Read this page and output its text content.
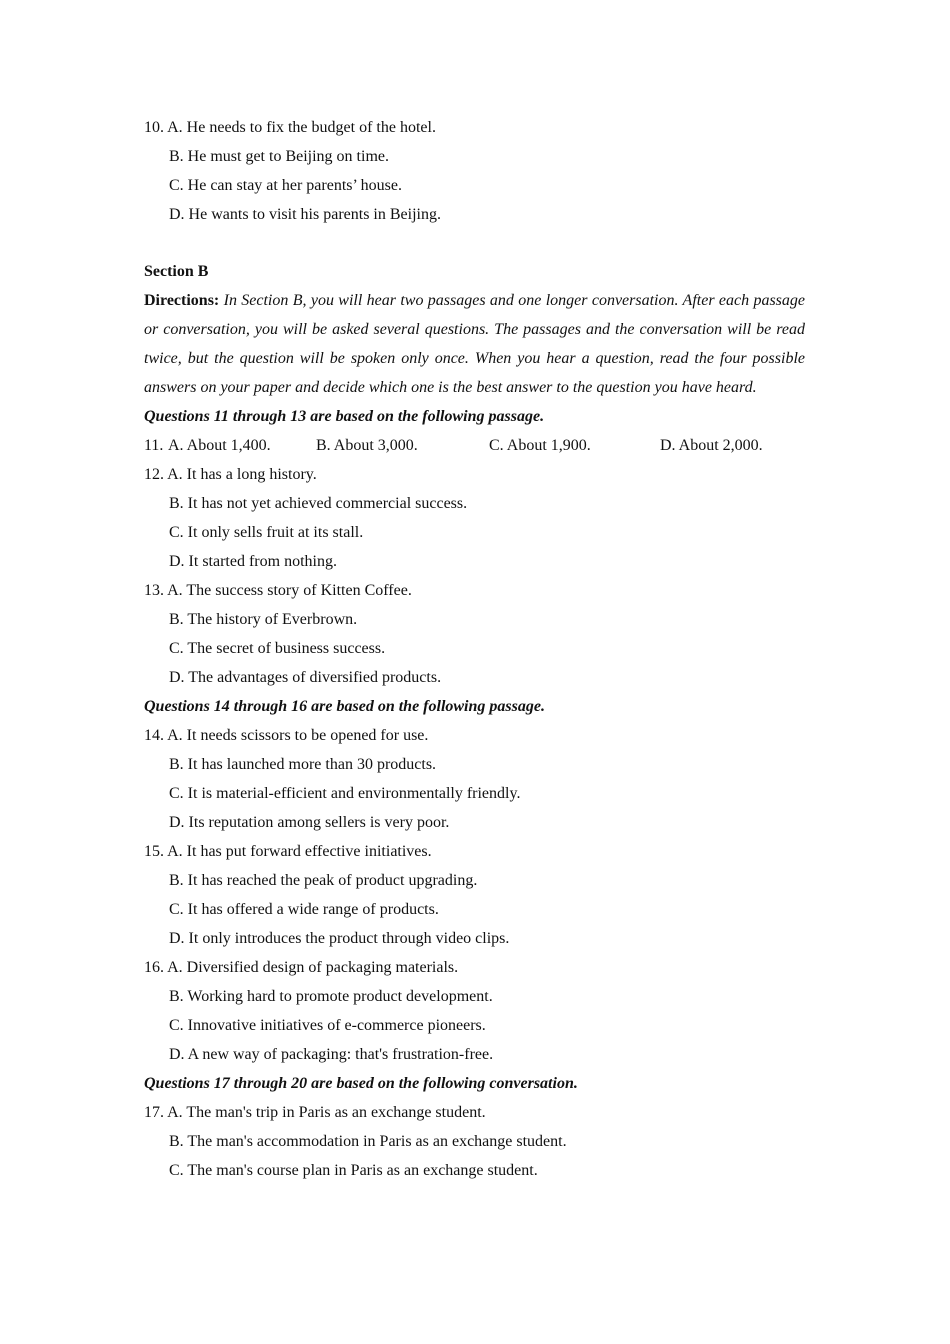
10. A. He needs to fix the budget of the hotel.
B. He must get to Beijing on time.
C. He can stay at her parents’ house.
D. He wants to visit his parents in Beijing.
Section B
Directions: In Section B, you will hear two passages and one longer conversation. After each passage or conversation, you will be asked several questions. The passages and the conversation will be read twice, but the question will be spoken only once. When you hear a question, read the four possible answers on your paper and decide which one is the best answer to the question you have heard.
Questions 11 through 13 are based on the following passage.
11. A. About 1,400.	B. About 3,000.	C. About 1,900.	D. About 2,000.
12. A. It has a long history.
B. It has not yet achieved commercial success.
C. It only sells fruit at its stall.
D. It started from nothing.
13. A. The success story of Kitten Coffee.
B. The history of Everbrown.
C. The secret of business success.
D. The advantages of diversified products.
Questions 14 through 16 are based on the following passage.
14. A. It needs scissors to be opened for use.
B. It has launched more than 30 products.
C. It is material-efficient and environmentally friendly.
D. Its reputation among sellers is very poor.
15. A. It has put forward effective initiatives.
B. It has reached the peak of product upgrading.
C. It has offered a wide range of products.
D. It only introduces the product through video clips.
16. A. Diversified design of packaging materials.
B. Working hard to promote product development.
C. Innovative initiatives of e-commerce pioneers.
D. A new way of packaging: that's frustration-free.
Questions 17 through 20 are based on the following conversation.
17. A. The man's trip in Paris as an exchange student.
B. The man's accommodation in Paris as an exchange student.
C. The man's course plan in Paris as an exchange student.
